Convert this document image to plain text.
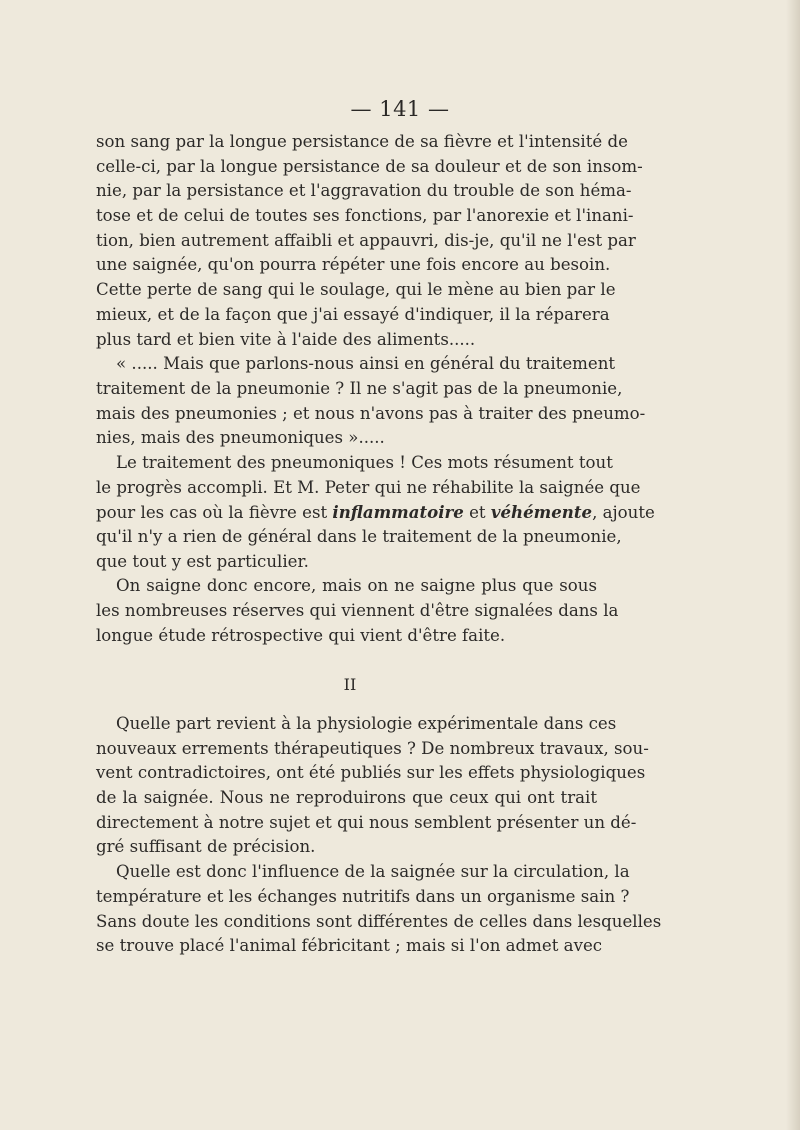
— 141 —
son sang par la longue persistance de sa fièvre et l'intensité de
celle-ci, par la longue persistance de sa douleur et de son insom-
nie, par la persistance et l'aggravation du trouble de son héma-
tose et de celui de toutes ses fonctions, par l'anorexie et l'inani-
tion, bien autrement affaibli et appauvri, dis-je, qu'il ne l'est par
une saignée, qu'on pourra répéter une fois encore au besoin.
Cette perte de sang qui le soulage, qui le mène au bien par le
mieux, et de la façon que j'ai essayé d'indiquer, il la réparera
plus tard et bien vite à l'aide des aliments.....
« ..... Mais que parlons-nous ainsi en général du traitement
traitement de la pneumonie ? Il ne s'agit pas de la pneumonie,
mais des pneumonies ; et nous n'avons pas à traiter des pneumo-
nies, mais des pneumoniques ».....
Le traitement des pneumoniques ! Ces mots résument tout
le progrès accompli. Et M. Peter qui ne réhabilite la saignée que
pour les cas où la fièvre est inflammatoire et véhémente, ajoute
qu'il n'y a rien de général dans le traitement de la pneumonie,
que tout y est particulier.
On saigne donc encore, mais on ne saigne plus que sous
les nombreuses réserves qui viennent d'être signalées dans la
longue étude rétrospective qui vient d'être faite.
II
Quelle part revient à la physiologie expérimentale dans ces
nouveaux errements thérapeutiques ? De nombreux travaux, sou-
vent contradictoires, ont été publiés sur les effets physiologiques
de la saignée. Nous ne reproduirons que ceux qui ont trait
directement à notre sujet et qui nous semblent présenter un dé-
gré suffisant de précision.
Quelle est donc l'influence de la saignée sur la circulation, la
température et les échanges nutritifs dans un organisme sain ?
Sans doute les conditions sont différentes de celles dans lesquelles
se trouve placé l'animal fébricitant ; mais si l'on admet avec
